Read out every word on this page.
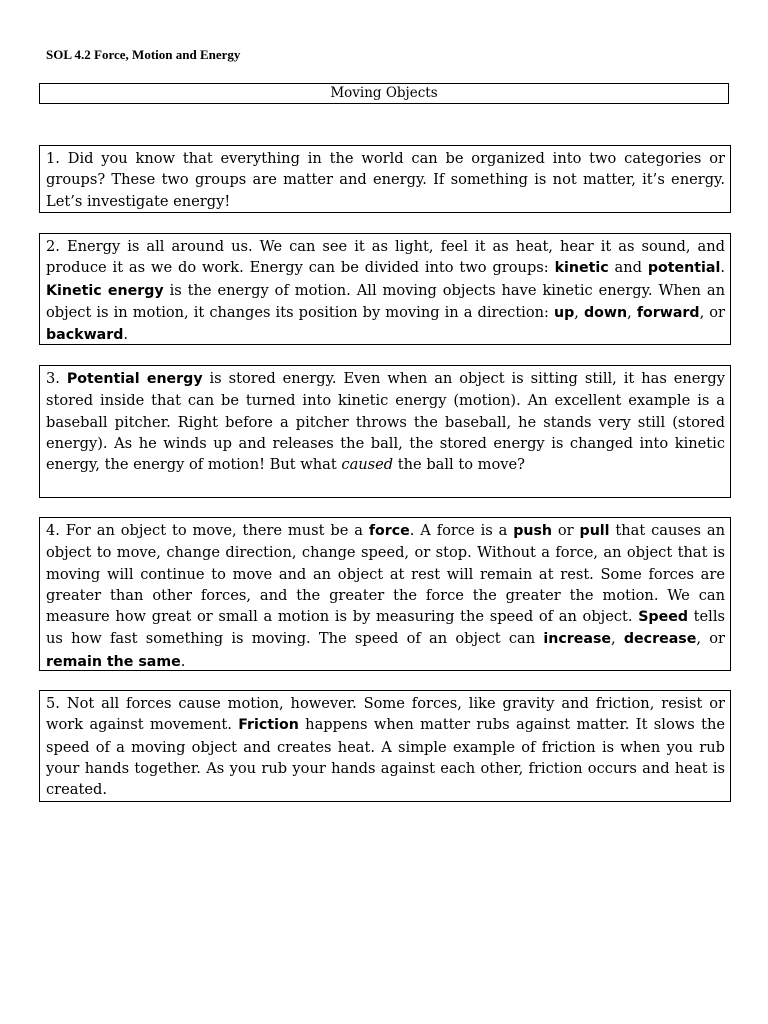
SOL 4.2 Force, Motion and Energy
Moving Objects
1. Did you know that everything in the world can be organized into two categories or groups? These two groups are matter and energy. If something is not matter, it’s energy. Let’s investigate energy!
2. Energy is all around us. We can see it as light, feel it as heat, hear it as sound, and produce it as we do work. Energy can be divided into two groups: kinetic and potential. Kinetic energy is the energy of motion. All moving objects have kinetic energy. When an object is in motion, it changes its position by moving in a direction: up, down, forward, or backward.
3. Potential energy is stored energy. Even when an object is sitting still, it has energy stored inside that can be turned into kinetic energy (motion). An excellent example is a baseball pitcher. Right before a pitcher throws the baseball, he stands very still (stored energy). As he winds up and releases the ball, the stored energy is changed into kinetic energy, the energy of motion! But what caused the ball to move?
4. For an object to move, there must be a force. A force is a push or pull that causes an object to move, change direction, change speed, or stop. Without a force, an object that is moving will continue to move and an object at rest will remain at rest. Some forces are greater than other forces, and the greater the force the greater the motion. We can measure how great or small a motion is by measuring the speed of an object. Speed tells us how fast something is moving. The speed of an object can increase, decrease, or remain the same.
5. Not all forces cause motion, however. Some forces, like gravity and friction, resist or work against movement. Friction happens when matter rubs against matter. It slows the speed of a moving object and creates heat. A simple example of friction is when you rub your hands together. As you rub your hands against each other, friction occurs and heat is created.
